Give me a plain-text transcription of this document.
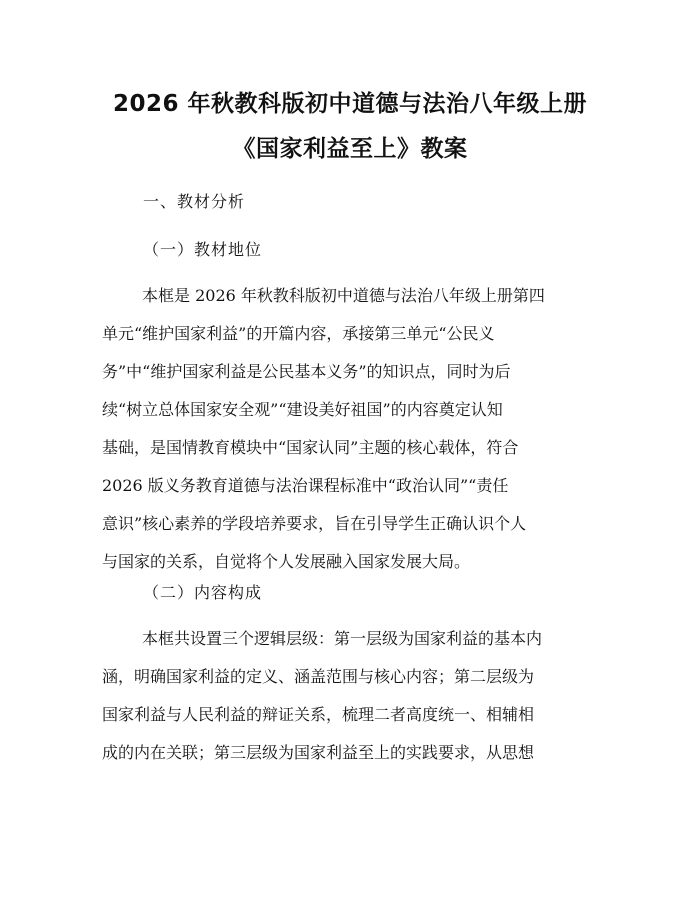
2026 年秋教科版初中道德与法治八年级上册
《国家利益至上》教案
一、教材分析
（一）教材地位
本框是 2026 年秋教科版初中道德与法治八年级上册第四
单元“维护国家利益”的开篇内容，承接第三单元“公民义
务”中“维护国家利益是公民基本义务”的知识点，同时为后
续“树立总体国家安全观”“建设美好祖国”的内容奠定认知
基础，是国情教育模块中“国家认同”主题的核心载体，符合
2026 版义务教育道德与法治课程标准中“政治认同”“责任
意识”核心素养的学段培养要求，旨在引导学生正确认识个人
与国家的关系，自觉将个人发展融入国家发展大局。
（二）内容构成
本框共设置三个逻辑层级：第一层级为国家利益的基本内
涵，明确国家利益的定义、涵盖范围与核心内容；第二层级为
国家利益与人民利益的辩证关系，梳理二者高度统一、相辅相
成的内在关联；第三层级为国家利益至上的实践要求，从思想
